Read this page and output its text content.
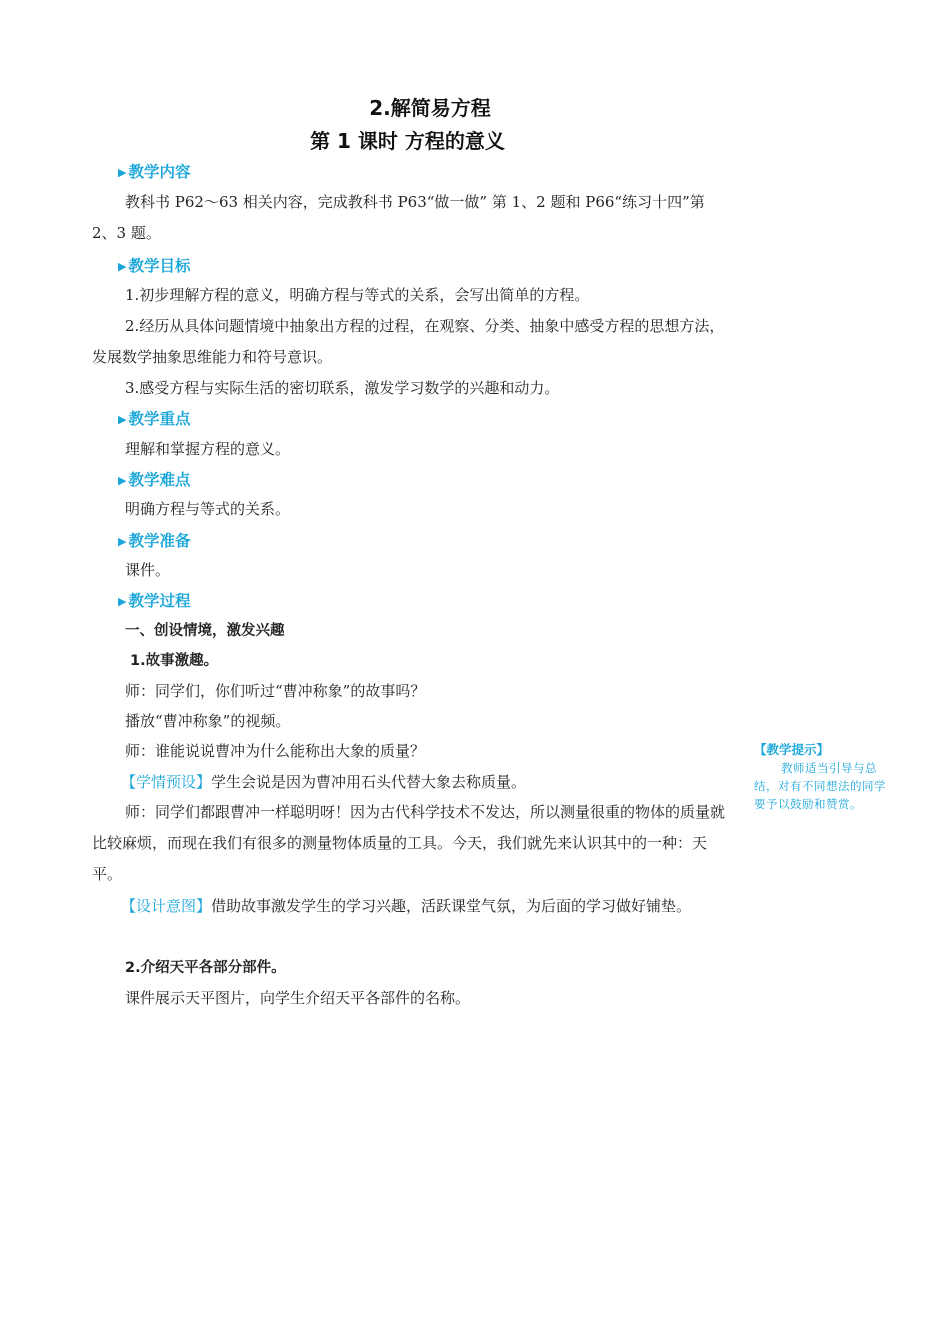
2.解简易方程
第 1 课时 方程的意义
▶ 教学内容
教科书 P62～63 相关内容，完成教科书 P63“做一做” 第 1、2 题和 P66“练习十四”第 2、3 题。
▶ 教学目标
1.初步理解方程的意义，明确方程与等式的关系，会写出简单的方程。
2.经历从具体问题情境中抽象出方程的过程，在观察、分类、抽象中感受方程的思想方法，发展数学抽象思维能力和符号意识。
3.感受方程与实际生活的密切联系，激发学习数学的兴趣和动力。
▶ 教学重点
理解和掌握方程的意义。
▶ 教学难点
明确方程与等式的关系。
▶ 教学准备
课件。
▶ 教学过程
一、创设情境，激发兴趣
1.故事激趣。
师：同学们，你们听过“曹冲称象”的故事吗？
播放“曹冲称象”的视频。
师：谁能说说曹冲为什么能称出大象的质量？
【学情预设】学生会说是因为曹冲用石头代替大象去称质量。
师：同学们都跟曹冲一样聪明呀！因为古代科学技术不发达，所以测量很重的物体的质量就比较麻烦，而现在我们有很多的测量物体质量的工具。今天，我们就先来认识其中的一种：天平。
【设计意图】借助故事激发学生的学习兴趣，活跃课堂气氛，为后面的学习做好铺垫。
2.介绍天平各部分部件。
课件展示天平图片，向学生介绍天平各部件的名称。
【教学提示】
教师适当引导与总结，对有不同想法的同学要予以鼓励和赞赏。
